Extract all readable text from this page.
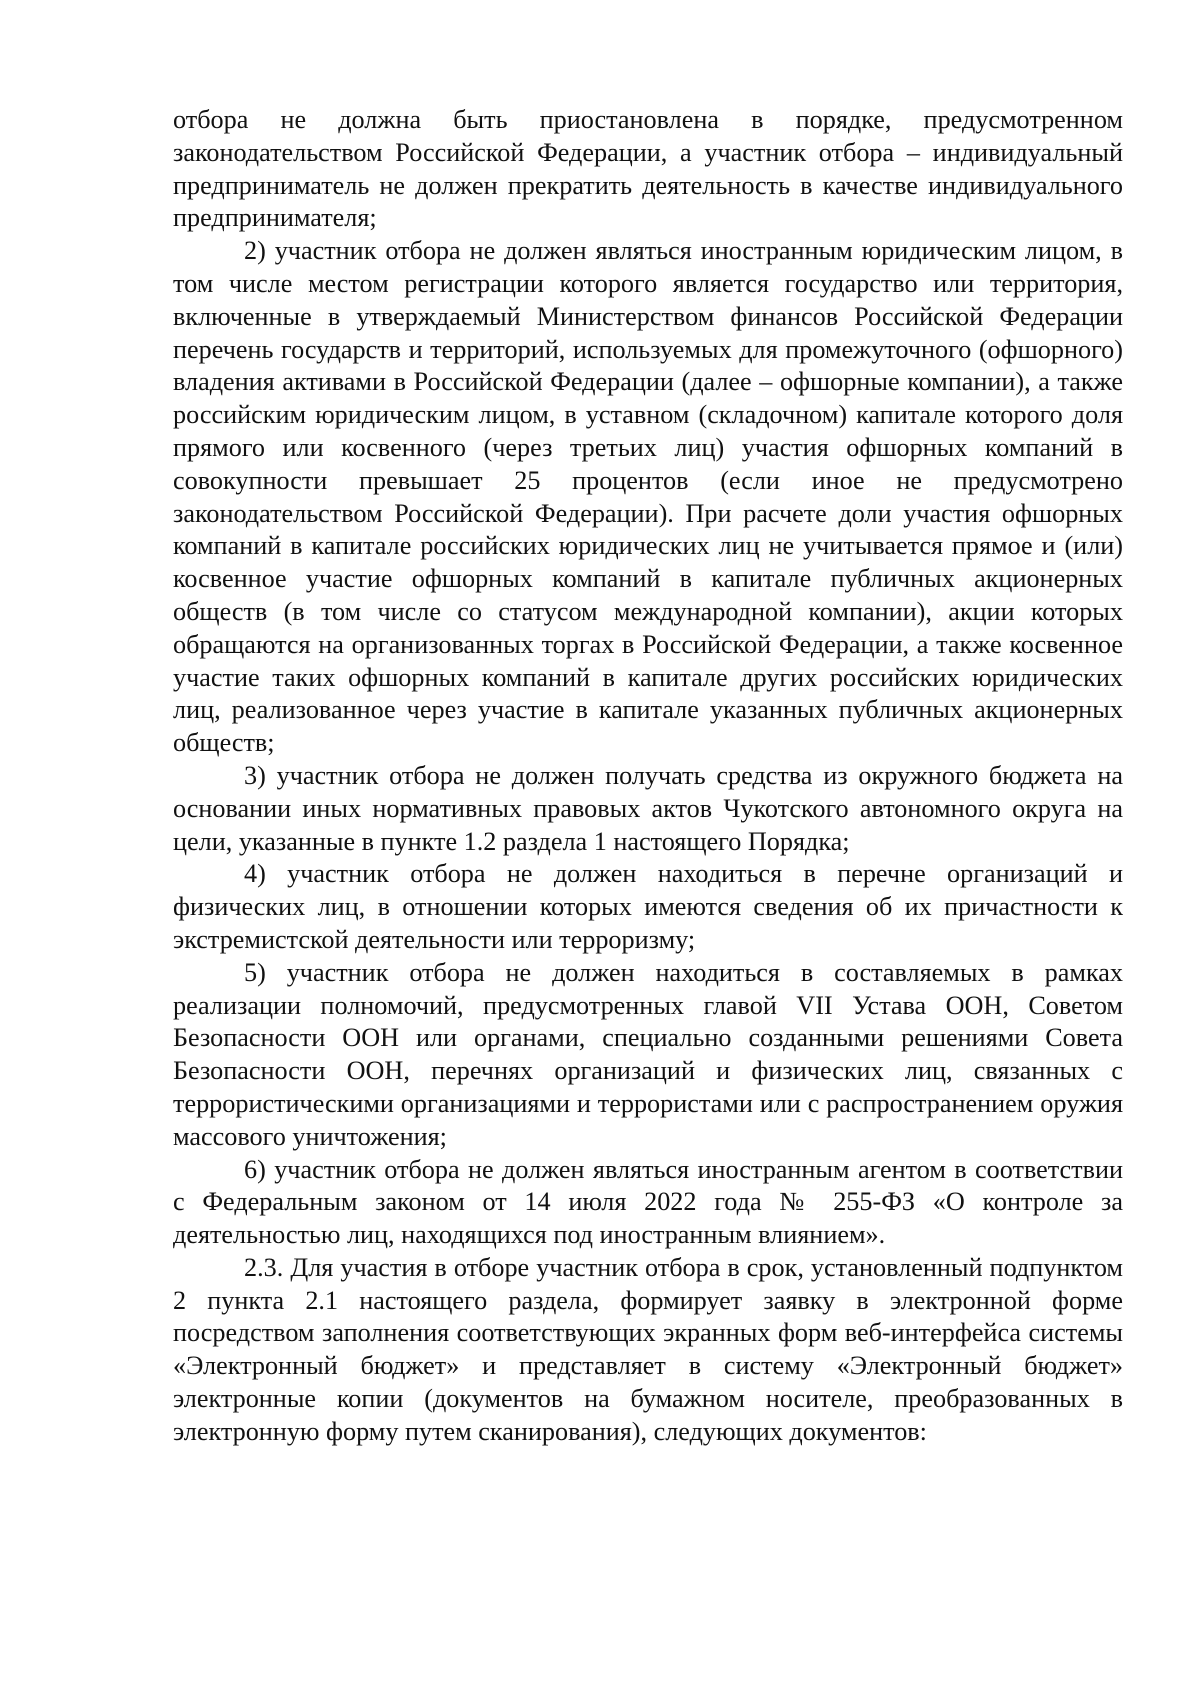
отбора не должна быть приостановлена в порядке, предусмотренном законодательством Российской Федерации, а участник отбора – индивидуальный предприниматель не должен прекратить деятельность в качестве индивидуального предпринимателя;

2) участник отбора не должен являться иностранным юридическим лицом, в том числе местом регистрации которого является государство или территория, включенные в утверждаемый Министерством финансов Российской Федерации перечень государств и территорий, используемых для промежуточного (офшорного) владения активами в Российской Федерации (далее – офшорные компании), а также российским юридическим лицом, в уставном (складочном) капитале которого доля прямого или косвенного (через третьих лиц) участия офшорных компаний в совокупности превышает 25 процентов (если иное не предусмотрено законодательством Российской Федерации). При расчете доли участия офшорных компаний в капитале российских юридических лиц не учитывается прямое и (или) косвенное участие офшорных компаний в капитале публичных акционерных обществ (в том числе со статусом международной компании), акции которых обращаются на организованных торгах в Российской Федерации, а также косвенное участие таких офшорных компаний в капитале других российских юридических лиц, реализованное через участие в капитале указанных публичных акционерных обществ;

3) участник отбора не должен получать средства из окружного бюджета на основании иных нормативных правовых актов Чукотского автономного округа на цели, указанные в пункте 1.2 раздела 1 настоящего Порядка;

4) участник отбора не должен находиться в перечне организаций и физических лиц, в отношении которых имеются сведения об их причастности к экстремистской деятельности или терроризму;

5) участник отбора не должен находиться в составляемых в рамках реализации полномочий, предусмотренных главой VII Устава ООН, Советом Безопасности ООН или органами, специально созданными решениями Совета Безопасности ООН, перечнях организаций и физических лиц, связанных с террористическими организациями и террористами или с распространением оружия массового уничтожения;

6) участник отбора не должен являться иностранным агентом в соответствии с Федеральным законом от 14 июля 2022 года № 255-ФЗ «О контроле за деятельностью лиц, находящихся под иностранным влиянием».

2.3. Для участия в отборе участник отбора в срок, установленный подпунктом 2 пункта 2.1 настоящего раздела, формирует заявку в электронной форме посредством заполнения соответствующих экранных форм веб-интерфейса системы «Электронный бюджет» и представляет в систему «Электронный бюджет» электронные копии (документов на бумажном носителе, преобразованных в электронную форму путем сканирования), следующих документов:
